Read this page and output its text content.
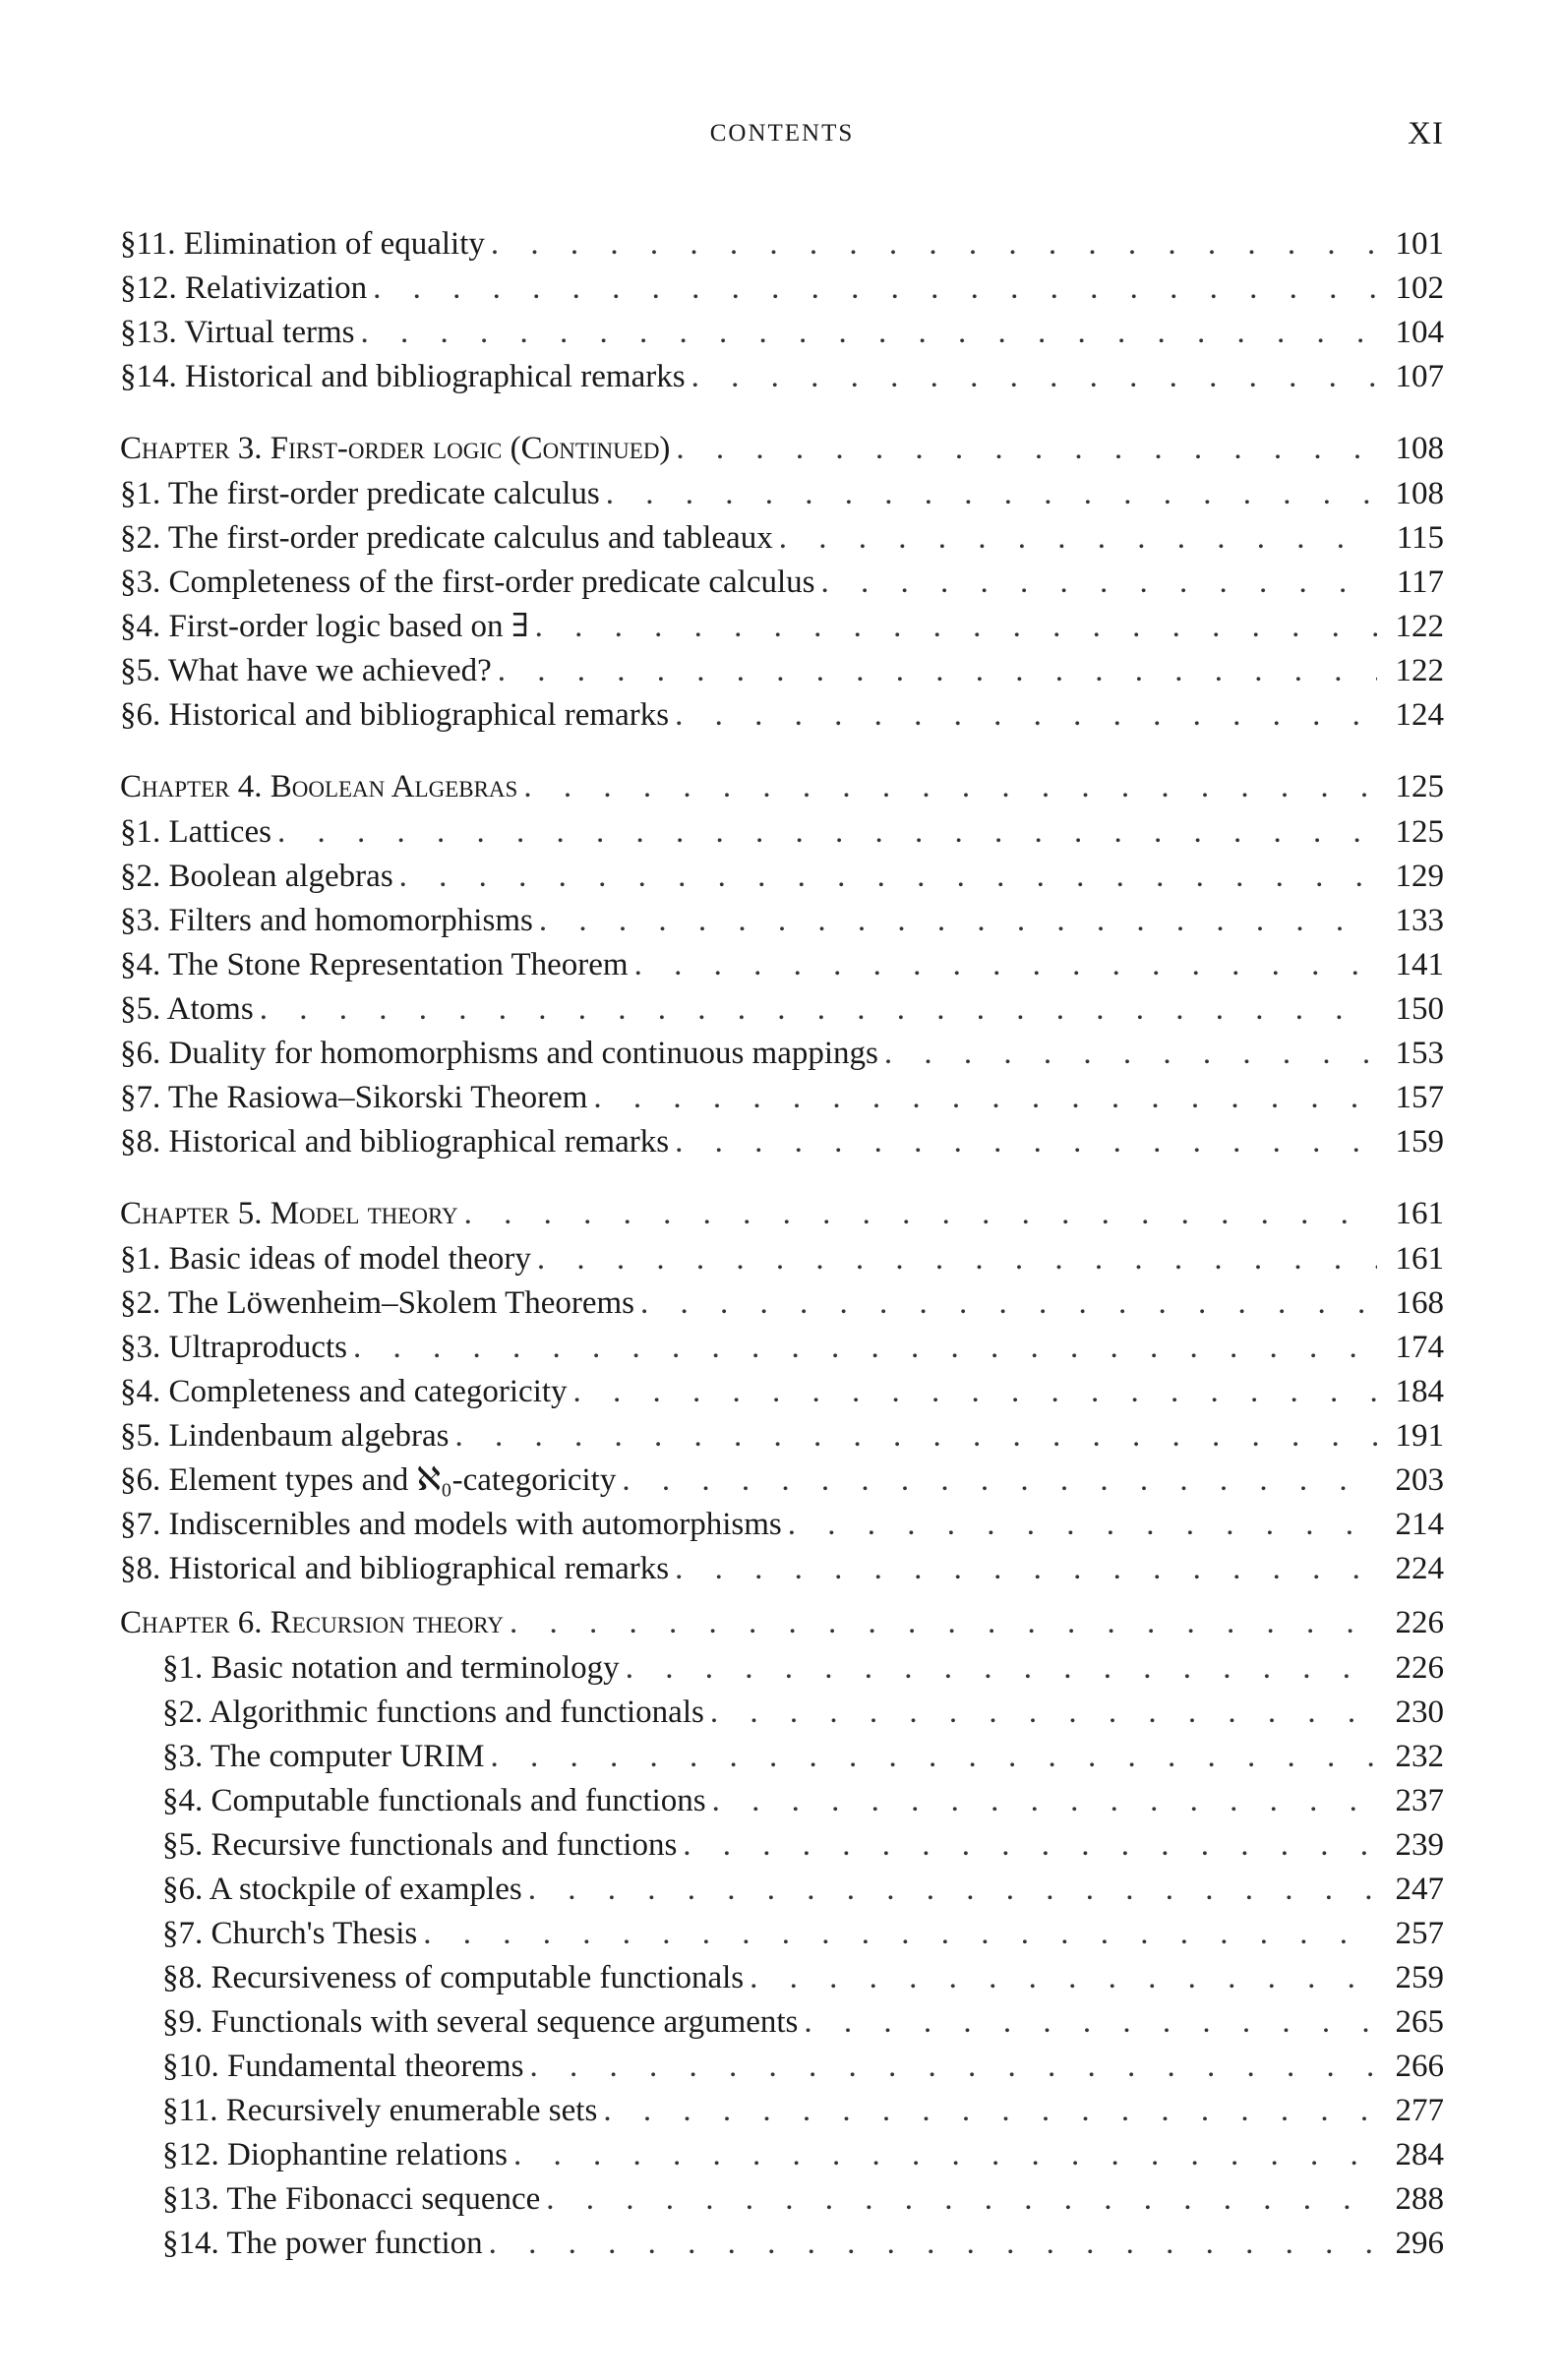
CONTENTS	XI
§11. Elimination of equality . . .	101
§12. Relativization . . .	102
§13. Virtual terms . . .	104
§14. Historical and bibliographical remarks . . .	107
Chapter 3. First-order logic (Continued) . . .	108
§1. The first-order predicate calculus . . .	108
§2. The first-order predicate calculus and tableaux . . .	115
§3. Completeness of the first-order predicate calculus . . .	117
§4. First-order logic based on ∃ . . .	122
§5. What have we achieved? . . .	122
§6. Historical and bibliographical remarks . . .	124
Chapter 4. Boolean Algebras . . .	125
§1. Lattices . . .	125
§2. Boolean algebras . . .	129
§3. Filters and homomorphisms . . .	133
§4. The Stone Representation Theorem . . .	141
§5. Atoms . . .	150
§6. Duality for homomorphisms and continuous mappings . . .	153
§7. The Rasiowa–Sikorski Theorem . . .	157
§8. Historical and bibliographical remarks . . .	159
Chapter 5. Model theory . . .	161
§1. Basic ideas of model theory . . .	161
§2. The Löwenheim–Skolem Theorems . . .	168
§3. Ultraproducts . . .	174
§4. Completeness and categoricity . . .	184
§5. Lindenbaum algebras . . .	191
§6. Element types and ℵ₀-categoricity . . .	203
§7. Indiscernibles and models with automorphisms . . .	214
§8. Historical and bibliographical remarks . . .	224
Chapter 6. Recursion theory . . .	226
§1. Basic notation and terminology . . .	226
§2. Algorithmic functions and functionals . . .	230
§3. The computer URIM . . .	232
§4. Computable functionals and functions . . .	237
§5. Recursive functionals and functions . . .	239
§6. A stockpile of examples . . .	247
§7. Church's Thesis . . .	257
§8. Recursiveness of computable functionals . . .	259
§9. Functionals with several sequence arguments . . .	265
§10. Fundamental theorems . . .	266
§11. Recursively enumerable sets . . .	277
§12. Diophantine relations . . .	284
§13. The Fibonacci sequence . . .	288
§14. The power function . . .	296
